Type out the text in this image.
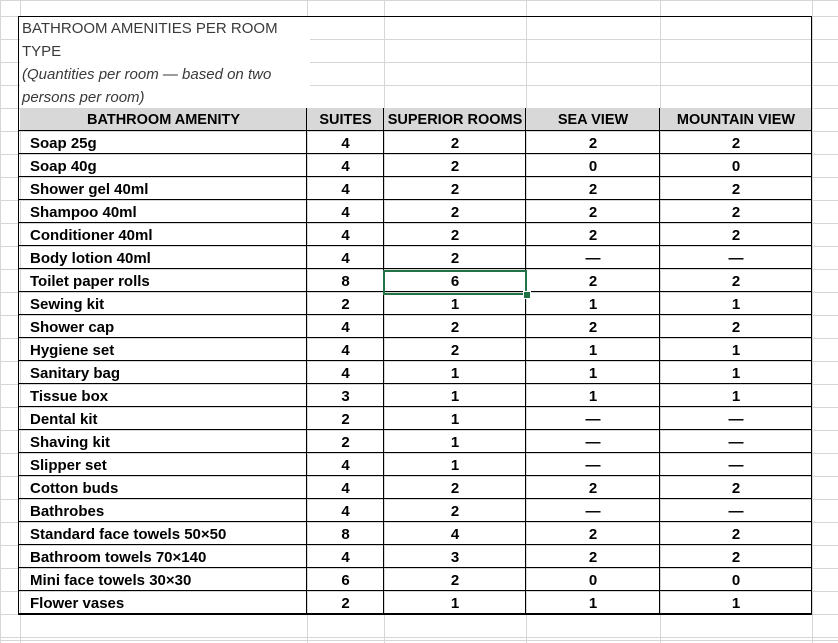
BATHROOM AMENITIES PER ROOM TYPE
(Quantities per room — based on two persons per room)
BATHROOM AMENITY	SUITES	SUPERIOR ROOMS	SEA VIEW	MOUNTAIN VIEW
Soap 25g	4	2	2	2
Soap 40g	4	2	0	0
Shower gel 40ml	4	2	2	2
Shampoo 40ml	4	2	2	2
Conditioner 40ml	4	2	2	2
Body lotion 40ml	4	2	—	—
Toilet paper rolls	8	6	2	2
Sewing kit	2	1	1	1
Shower cap	4	2	2	2
Hygiene set	4	2	1	1
Sanitary bag	4	1	1	1
Tissue box	3	1	1	1
Dental kit	2	1	—	—
Shaving kit	2	1	—	—
Slipper set	4	1	—	—
Cotton buds	4	2	2	2
Bathrobes	4	2	—	—
Standard face towels 50×50	8	4	2	2
Bathroom towels 70×140	4	3	2	2
Mini face towels 30×30	6	2	0	0
Flower vases	2	1	1	1
